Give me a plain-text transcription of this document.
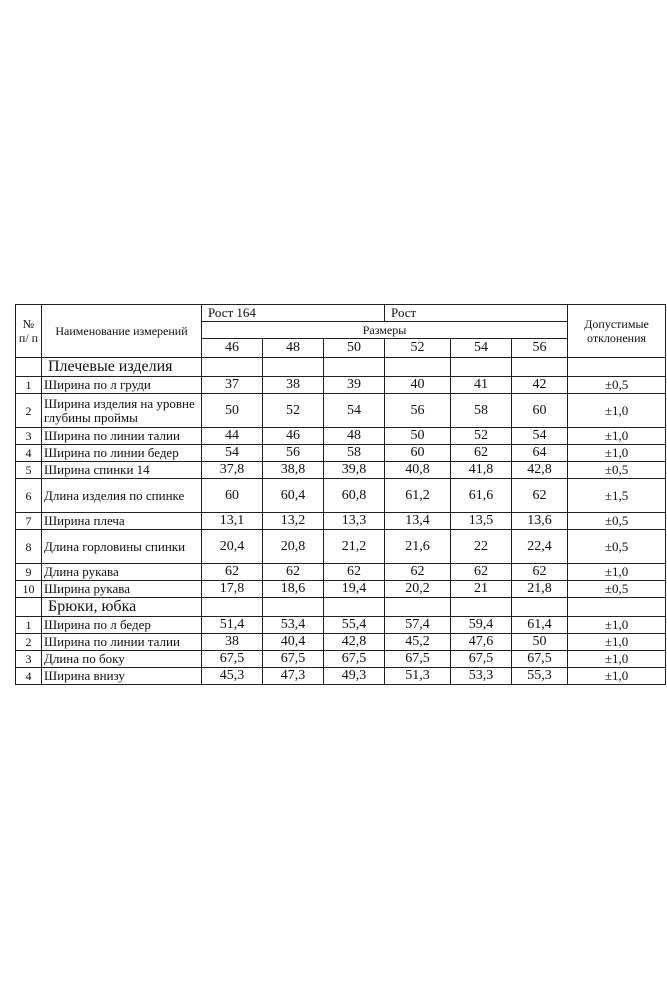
№ п/ п	Наименование измерений	Рост 164			Рост			Допустимые отклонения
		Размеры						
		46	48	50	52	54	56	
	Плечевые изделия							
1	Ширина по л груди	37	38	39	40	41	42	±0,5
2	Ширина изделия на уровне глубины проймы	50	52	54	56	58	60	±1,0
3	Ширина по линии талии	44	46	48	50	52	54	±1,0
4	Ширина по линии бедер	54	56	58	60	62	64	±1,0
5	Ширина спинки 14	37,8	38,8	39,8	40,8	41,8	42,8	±0,5
6	Длина изделия по спинке	60	60,4	60,8	61,2	61,6	62	±1,5
7	Ширина плеча	13,1	13,2	13,3	13,4	13,5	13,6	±0,5
8	Длина горловины спинки	20,4	20,8	21,2	21,6	22	22,4	±0,5
9	Длина рукава	62	62	62	62	62	62	±1,0
10	Ширина рукава	17,8	18,6	19,4	20,2	21	21,8	±0,5
	Брюки, юбка							
1	Ширина по л бедер	51,4	53,4	55,4	57,4	59,4	61,4	±1,0
2	Ширина по линии талии	38	40,4	42,8	45,2	47,6	50	±1,0
3	Длина по боку	67,5	67,5	67,5	67,5	67,5	67,5	±1,0
4	Ширина внизу	45,3	47,3	49,3	51,3	53,3	55,3	±1,0
